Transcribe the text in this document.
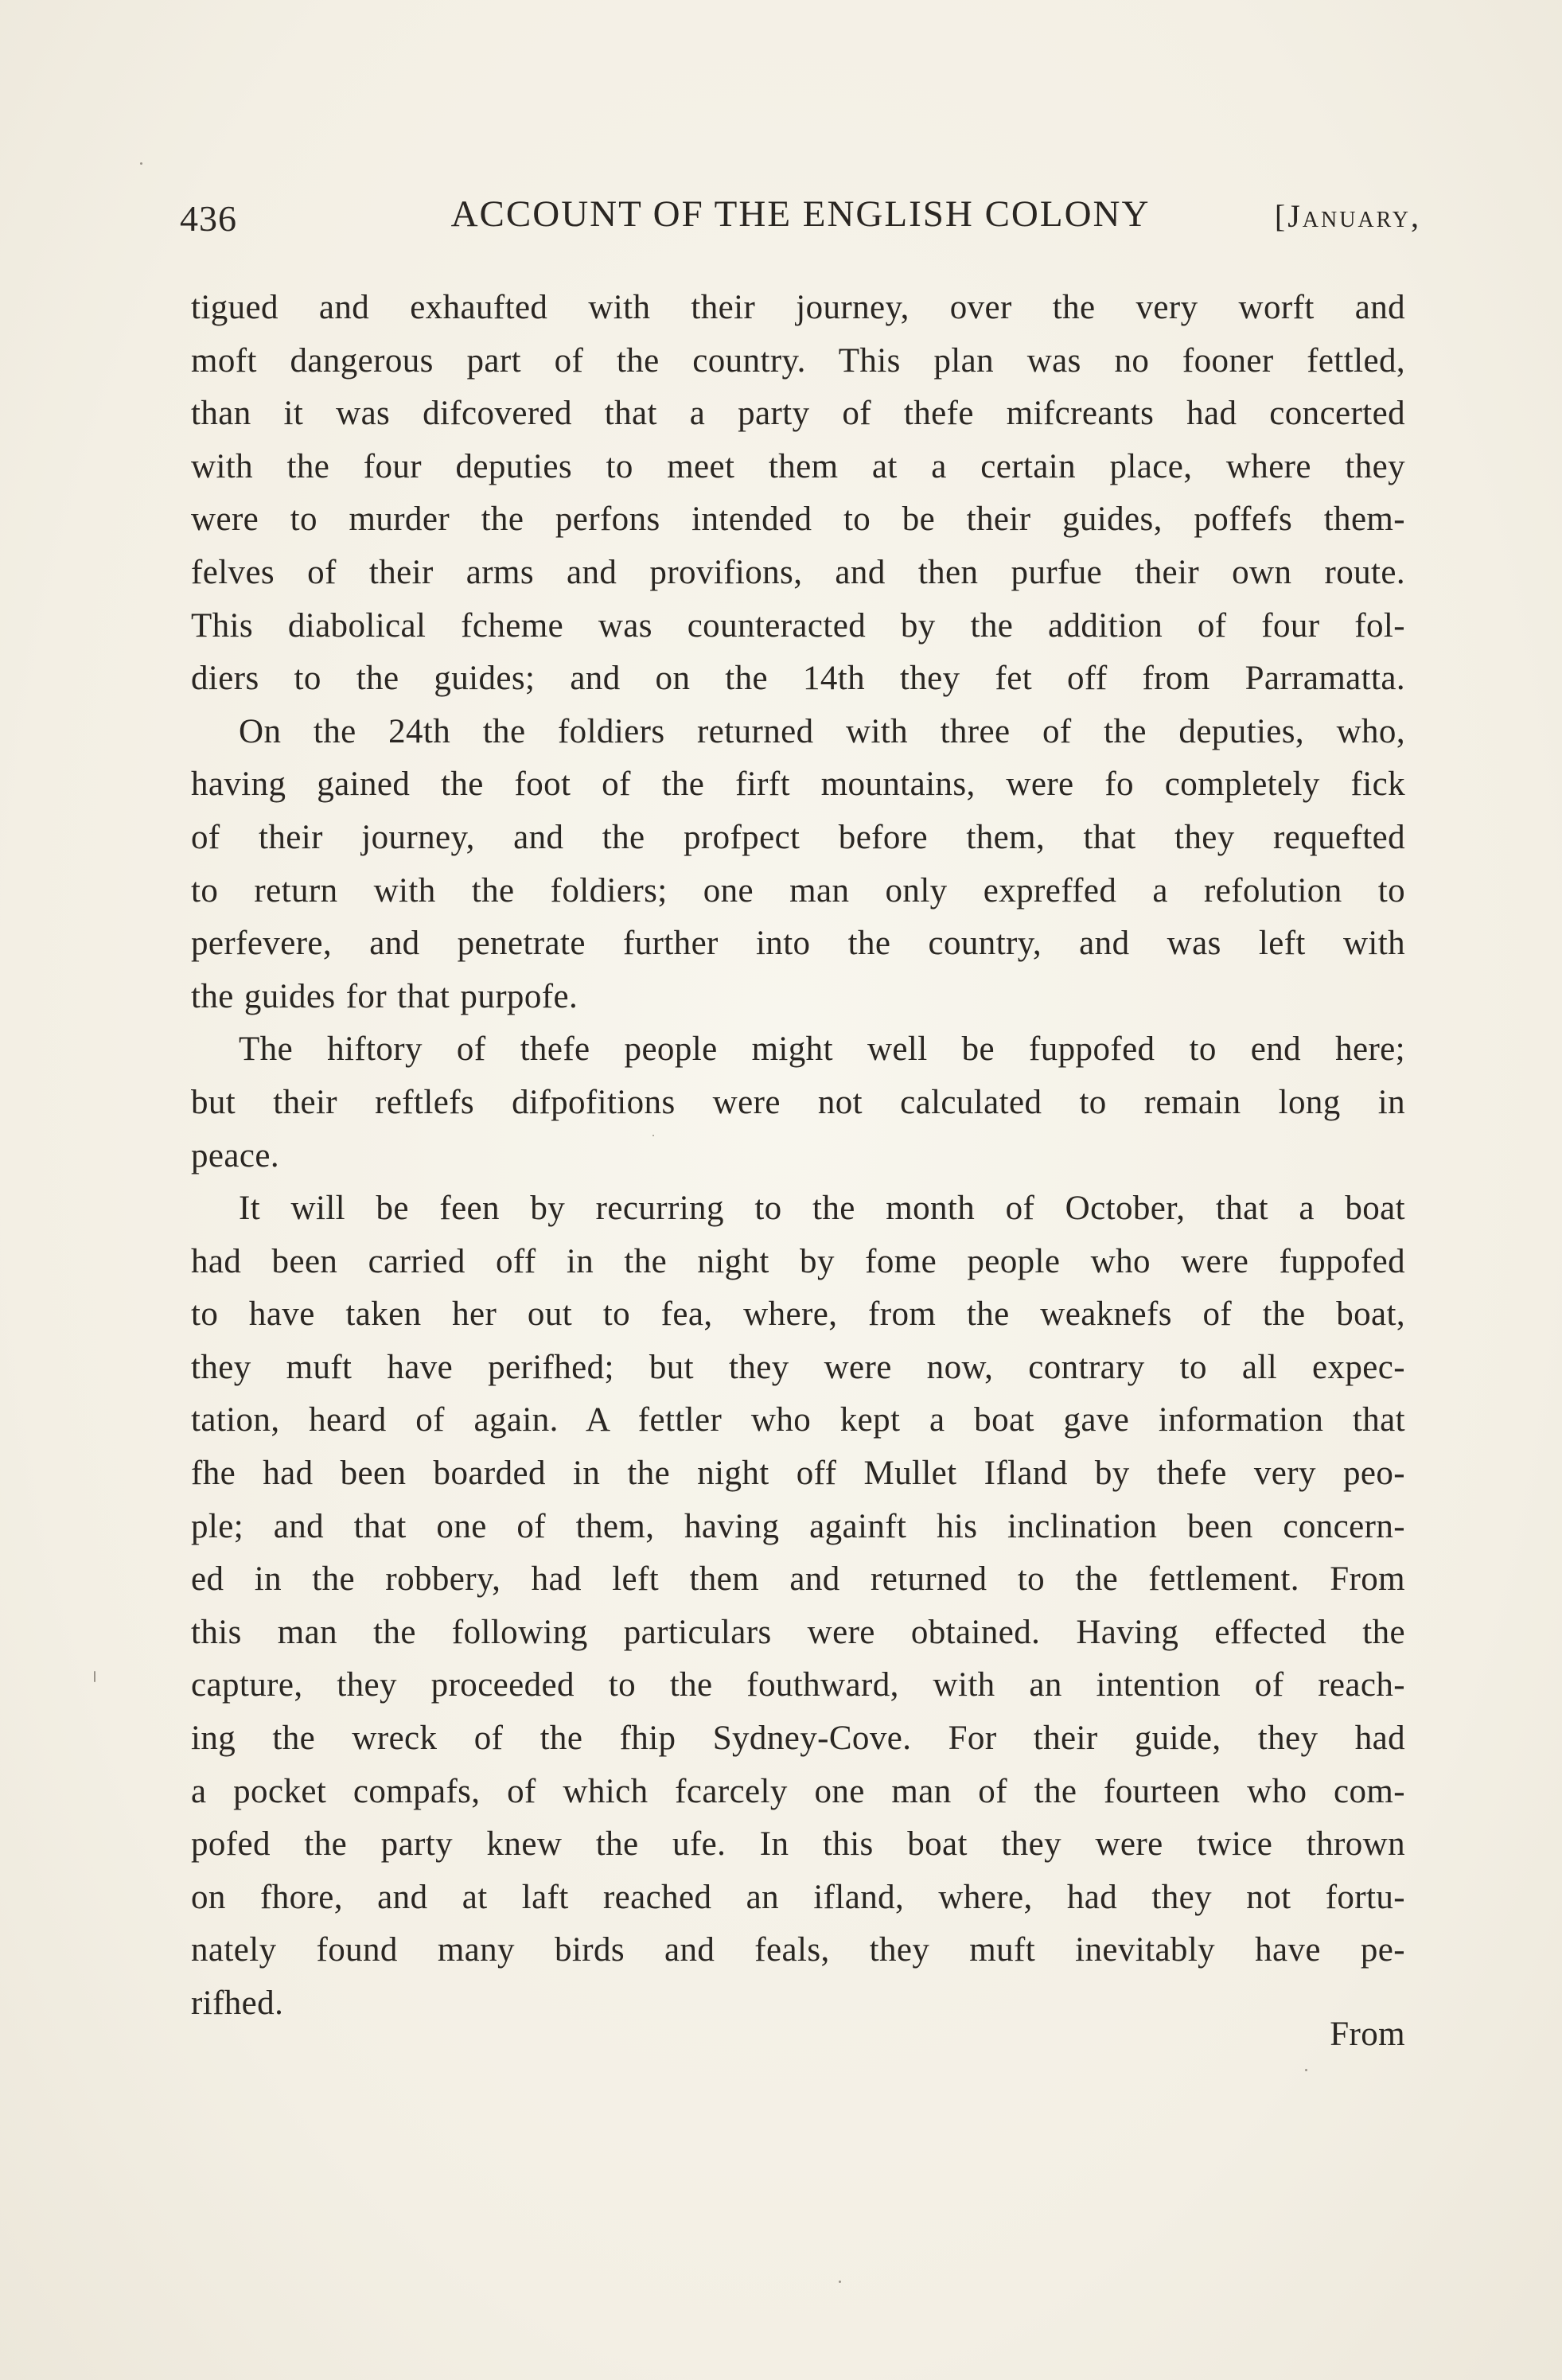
436	ACCOUNT OF THE ENGLISH COLONY	[January,
tigued and exhaufted with their journey, over the very worft and
moft dangerous part of the country. This plan was no fooner fettled,
than it was difcovered that a party of thefe mifcreants had concerted
with the four deputies to meet them at a certain place, where they
were to murder the perfons intended to be their guides, poffefs them-
felves of their arms and provifions, and then purfue their own route.
This diabolical fcheme was counteracted by the addition of four fol-
diers to the guides; and on the 14th they fet off from Parramatta.
On the 24th the foldiers returned with three of the deputies, who,
having gained the foot of the firft mountains, were fo completely fick
of their journey, and the profpect before them, that they requefted
to return with the foldiers; one man only expreffed a refolution to
perfevere, and penetrate further into the country, and was left with
the guides for that purpofe.
The hiftory of thefe people might well be fuppofed to end here;
but their reftlefs difpofitions were not calculated to remain long in
peace.
It will be feen by recurring to the month of October, that a boat
had been carried off in the night by fome people who were fuppofed
to have taken her out to fea, where, from the weaknefs of the boat,
they muft have perifhed; but they were now, contrary to all expec-
tation, heard of again. A fettler who kept a boat gave information that
fhe had been boarded in the night off Mullet Ifland by thefe very peo-
ple; and that one of them, having againft his inclination been concern-
ed in the robbery, had left them and returned to the fettlement. From
this man the following particulars were obtained. Having effected the
capture, they proceeded to the fouthward, with an intention of reach-
ing the wreck of the fhip Sydney-Cove. For their guide, they had
a pocket compafs, of which fcarcely one man of the fourteen who com-
pofed the party knew the ufe. In this boat they were twice thrown
on fhore, and at laft reached an ifland, where, had they not fortu-
nately found many birds and feals, they muft inevitably have pe-
rifhed.
From
